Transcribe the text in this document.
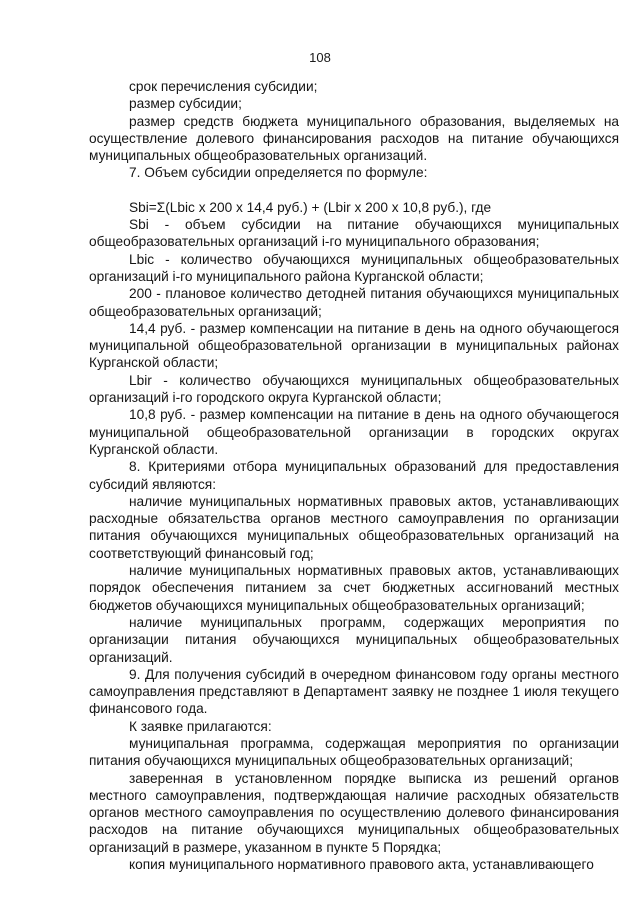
108

срок перечисления субсидии;

размер субсидии;

размер средств бюджета муниципального образования, выделяемых на осуществление долевого финансирования расходов на питание обучающихся муниципальных общеобразовательных организаций.

7. Объем субсидии определяется по формуле:

Sbi=Σ(Lbic x 200 x 14,4 руб.) + (Lbir x 200 x 10,8 руб.), где

Sbi - объем субсидии на питание обучающихся муниципальных общеобразовательных организаций i-го муниципального образования;

Lbic - количество обучающихся муниципальных общеобразовательных организаций i-го муниципального района Курганской области;

200 - плановое количество детодней питания обучающихся муниципальных общеобразовательных организаций;

14,4 руб. - размер компенсации на питание в день на одного обучающегося муниципальной общеобразовательной организации в муниципальных районах Курганской области;

Lbir - количество обучающихся муниципальных общеобразовательных организаций i-го городского округа Курганской области;

10,8 руб. - размер компенсации на питание в день на одного обучающегося муниципальной общеобразовательной организации в городских округах Курганской области.

8. Критериями отбора муниципальных образований для предоставления субсидий являются:

наличие муниципальных нормативных правовых актов, устанавливающих расходные обязательства органов местного самоуправления по организации питания обучающихся муниципальных общеобразовательных организаций на соответствующий финансовый год;

наличие муниципальных нормативных правовых актов, устанавливающих порядок обеспечения питанием за счет бюджетных ассигнований местных бюджетов обучающихся муниципальных общеобразовательных организаций;

наличие муниципальных программ, содержащих мероприятия по организации питания обучающихся муниципальных общеобразовательных организаций.

9. Для получения субсидий в очередном финансовом году органы местного самоуправления представляют в Департамент заявку не позднее 1 июля текущего финансового года.

К заявке прилагаются:

муниципальная программа, содержащая мероприятия по организации питания обучающихся муниципальных общеобразовательных организаций;

заверенная в установленном порядке выписка из решений органов местного самоуправления, подтверждающая наличие расходных обязательств органов местного самоуправления по осуществлению долевого финансирования расходов на питание обучающихся муниципальных общеобразовательных организаций в размере, указанном в пункте 5 Порядка;

копия муниципального нормативного правового акта, устанавливающего
